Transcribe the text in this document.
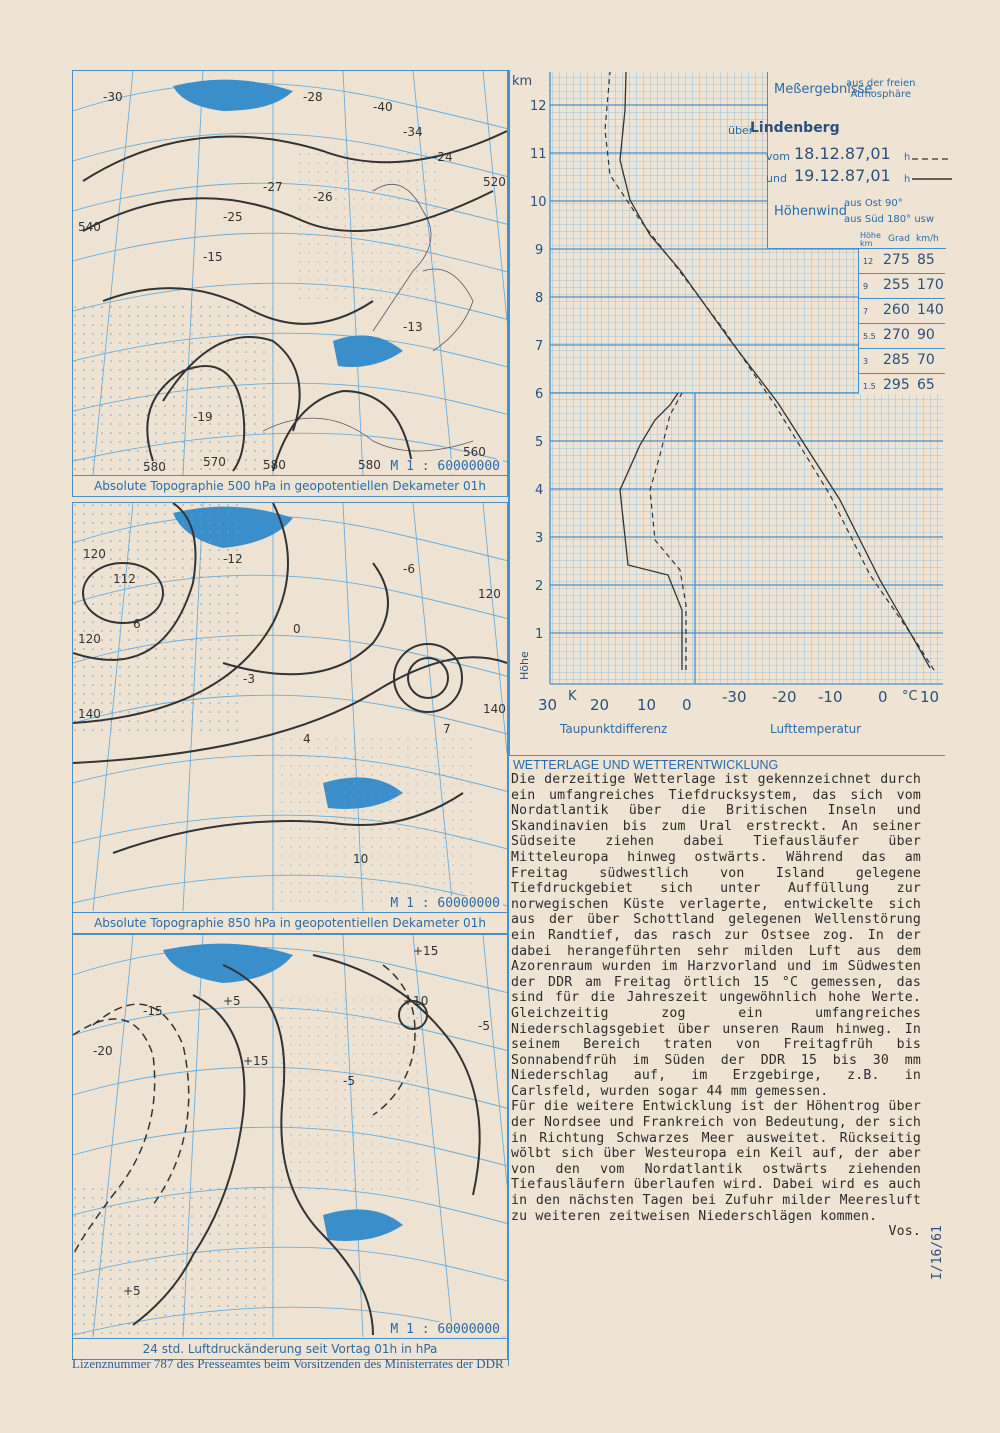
-30	-28
-24
-26
-27
-25
-15
-13
-19
580	570	580	580
560
520
540
-40
-34
M 1 : 60000000
Absolute Topographie 500 hPa in geopotentiellen Dekameter 01h
120
112
120
140	140
120
6
-3
-12
-6
0
4
10
7
M 1 : 60000000
Absolute Topographie 850 hPa in geopotentiellen Dekameter 01h
-20
-15
+5
+15
+15
+10
-5
+5
-5
M 1 : 60000000
24 std. Luftdruckänderung seit Vortag 01h in hPa
km
12
11
10
9
8
7
6
5
4
3
2
1
Höhe
30 20 10 0
K	-30 -20 -10 0 10
°C
Taupunktdifferenz	Lufttemperatur
Meßergebnisse
aus der freien
Atmosphäre
über
Lindenberg
vom 18.12.87,01 h
und 19.12.87,01 h
Höhenwind
aus Ost 90°
aus Süd 180° usw
Höhe km	Grad km/h
12 275 85
9 255 170
7 260 140
5.5 270 90
3 285 70
1.5 295 65
WETTERLAGE UND WETTERENTWICKLUNG

Die derzeitige Wetterlage ist gekennzeichnet durch ein umfangreiches Tiefdrucksystem, das sich vom Nordatlantik über die Britischen Inseln und Skandinavien bis zum Ural erstreckt. An seiner Südseite ziehen dabei Tiefausläufer über Mitteleuropa hinweg ostwärts. Während das am Freitag südwestlich von Island gelegene Tiefdruckgebiet sich unter Auffüllung zur norwegischen Küste verlagerte, entwickelte sich aus der über Schottland gelegenen Wellenstörung ein Randtief, das rasch zur Ostsee zog. In der dabei herangeführten sehr milden Luft aus dem Azorenraum wurden im Harzvorland und im Südwesten der DDR am Freitag örtlich 15 °C gemessen, das sind für die Jahreszeit ungewöhnlich hohe Werte. Gleichzeitig zog ein umfangreiches Niederschlagsgebiet über unseren Raum hinweg. In seinem Bereich traten von Freitagfrüh bis Sonnabendfrüh im Süden der DDR 15 bis 30 mm Niederschlag auf, im Erzgebirge, z.B. in Carlsfeld, wurden sogar 44 mm gemessen.

Für die weitere Entwicklung ist der Höhentrog über der Nordsee und Frankreich von Bedeutung, der sich in Richtung Schwarzes Meer ausweitet. Rückseitig wölbt sich über Westeuropa ein Keil auf, der aber von den vom Nordatlantik ostwärts ziehenden Tiefausläufern überlaufen wird. Dabei wird es auch in den nächsten Tagen bei Zufuhr milder Meeresluft zu weiteren zeitweisen Niederschlägen kommen.

Vos. I/16/61
Lizenznummer 787 des Presseamtes beim Vorsitzenden des Ministerrates der DDR
